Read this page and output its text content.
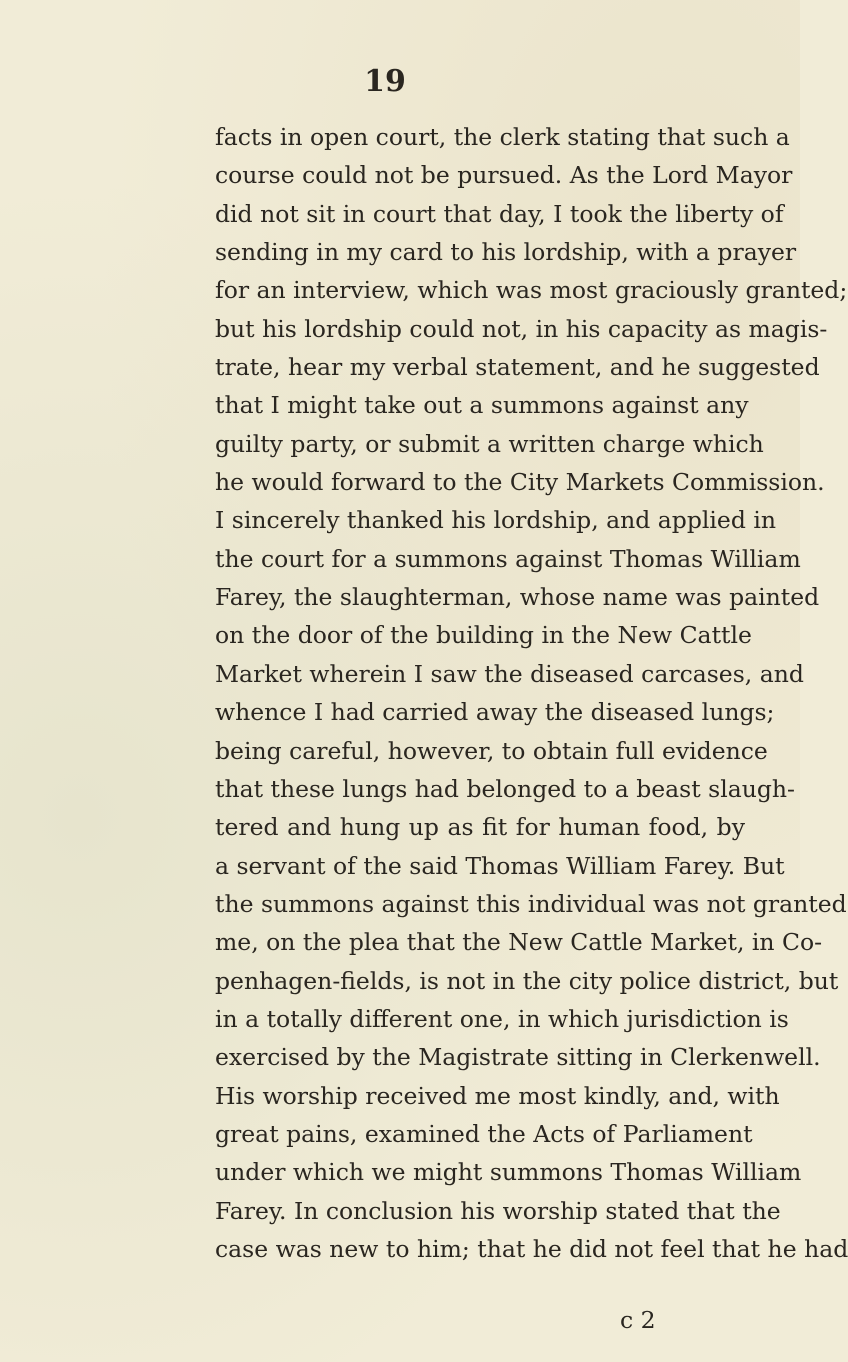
19
facts in open court, the clerk stating that such a
course could not be pursued. As the Lord Mayor
did not sit in court that day, I took the liberty of
sending in my card to his lordship, with a prayer
for an interview, which was most graciously granted;
but his lordship could not, in his capacity as magis-
trate, hear my verbal statement, and he suggested
that I might take out a summons against any
guilty party, or submit a written charge which
he would forward to the City Markets Commission.
I sincerely thanked his lordship, and applied in
the court for a summons against Thomas William
Farey, the slaughterman, whose name was painted
on the door of the building in the New Cattle
Market wherein I saw the diseased carcases, and
whence I had carried away the diseased lungs;
being careful, however, to obtain full evidence
that these lungs had belonged to a beast slaugh-
tered and hung up as fit for human food, by
a servant of the said Thomas William Farey. But
the summons against this individual was not granted
me, on the plea that the New Cattle Market, in Co-
penhagen-fields, is not in the city police district, but
in a totally different one, in which jurisdiction is
exercised by the Magistrate sitting in Clerkenwell.
His worship received me most kindly, and, with
great pains, examined the Acts of Parliament
under which we might summons Thomas William
Farey. In conclusion his worship stated that the
case was new to him; that he did not feel that he had
c 2
